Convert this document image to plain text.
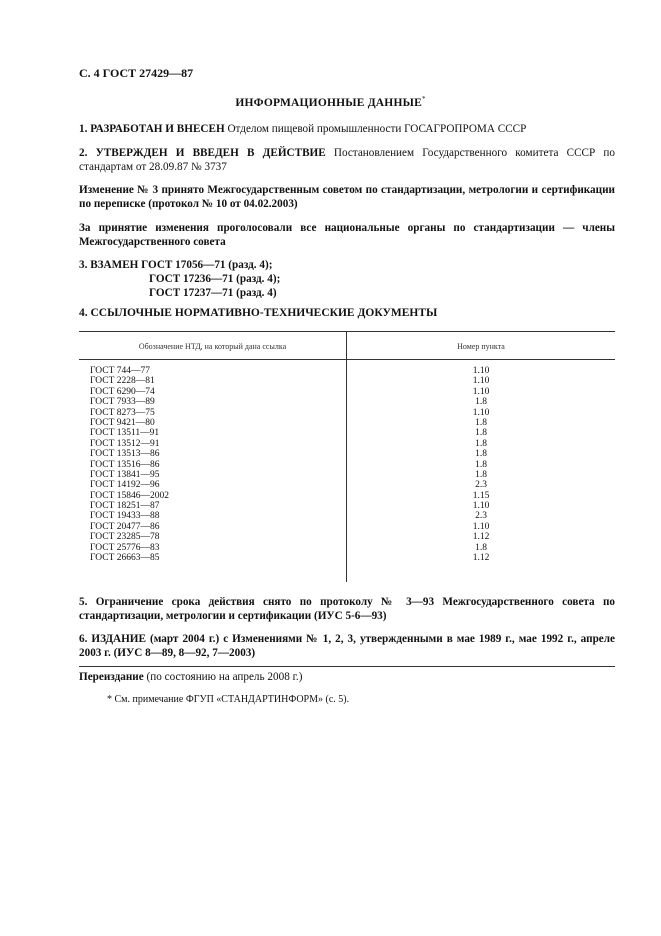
С. 4 ГОСТ 27429—87
ИНФОРМАЦИОННЫЕ ДАННЫЕ*
1. РАЗРАБОТАН И ВНЕСЕН Отделом пищевой промышленности ГОСАГРОПРОМА СССР
2. УТВЕРЖДЕН И ВВЕДЕН В ДЕЙСТВИЕ Постановлением Государственного комитета СССР по стандартам от 28.09.87 № 3737
Изменение № 3 принято Межгосударственным советом по стандартизации, метрологии и сертификации по переписке (протокол № 10 от 04.02.2003)
За принятие изменения проголосовали все национальные органы по стандартизации — члены Межгосударственного совета
3. ВЗАМЕН ГОСТ 17056—71 (разд. 4);
ГОСТ 17236—71 (разд. 4);
ГОСТ 17237—71 (разд. 4)
4. ССЫЛОЧНЫЕ НОРМАТИВНО-ТЕХНИЧЕСКИЕ ДОКУМЕНТЫ
Обозначение НТД, на который дана ссылка	Номер пункта
ГОСТ 744—77	1.10
ГОСТ 2228—81	1.10
ГОСТ 6290—74	1.10
ГОСТ 7933—89	1.8
ГОСТ 8273—75	1.10
ГОСТ 9421—80	1.8
ГОСТ 13511—91	1.8
ГОСТ 13512—91	1.8
ГОСТ 13513—86	1.8
ГОСТ 13516—86	1.8
ГОСТ 13841—95	1.8
ГОСТ 14192—96	2.3
ГОСТ 15846—2002	1.15
ГОСТ 18251—87	1.10
ГОСТ 19433—88	2.3
ГОСТ 20477—86	1.10
ГОСТ 23285—78	1.12
ГОСТ 25776—83	1.8
ГОСТ 26663—85	1.12
5. Ограничение срока действия снято по протоколу № 3—93 Межгосударственного совета по стандартизации, метрологии и сертификации (ИУС 5-6—93)
6. ИЗДАНИЕ (март 2004 г.) с Изменениями № 1, 2, 3, утвержденными в мае 1989 г., мае 1992 г., апреле 2003 г. (ИУС 8—89, 8—92, 7—2003)
Переиздание (по состоянию на апрель 2008 г.)
* См. примечание ФГУП «СТАНДАРТИНФОРМ» (с. 5).
